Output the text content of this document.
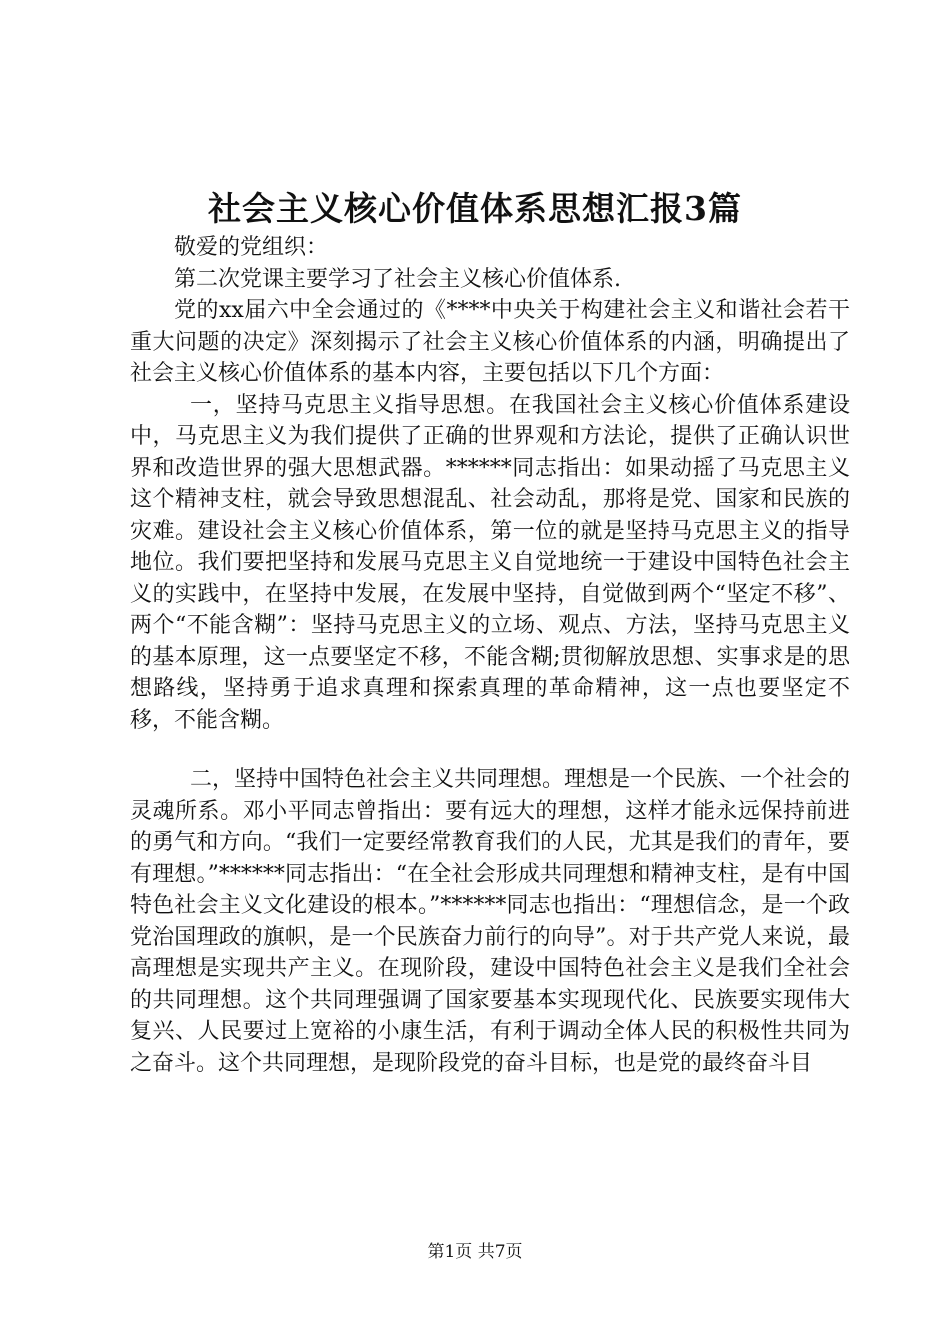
社会主义核心价值体系思想汇报3篇

敬爱的党组织：

第二次党课主要学习了社会主义核心价值体系.

党的xx届六中全会通过的《****中央关于构建社会主义和谐社会若干重大问题的决定》深刻揭示了社会主义核心价值体系的内涵，明确提出了社会主义核心价值体系的基本内容，主要包括以下几个方面：

一，坚持马克思主义指导思想。在我国社会主义核心价值体系建设中，马克思主义为我们提供了正确的世界观和方法论，提供了正确认识世界和改造世界的强大思想武器。******同志指出：如果动摇了马克思主义这个精神支柱，就会导致思想混乱、社会动乱，那将是党、国家和民族的灾难。建设社会主义核心价值体系，第一位的就是坚持马克思主义的指导地位。我们要把坚持和发展马克思主义自觉地统一于建设中国特色社会主义的实践中，在坚持中发展，在发展中坚持，自觉做到两个“坚定不移”、两个“不能含糊”：坚持马克思主义的立场、观点、方法，坚持马克思主义的基本原理，这一点要坚定不移，不能含糊;贯彻解放思想、实事求是的思想路线，坚持勇于追求真理和探索真理的革命精神，这一点也要坚定不移，不能含糊。

二，坚持中国特色社会主义共同理想。理想是一个民族、一个社会的灵魂所系。邓小平同志曾指出：要有远大的理想，这样才能永远保持前进的勇气和方向。“我们一定要经常教育我们的人民，尤其是我们的青年，要有理想。”******同志指出：“在全社会形成共同理想和精神支柱，是有中国特色社会主义文化建设的根本。”******同志也指出：“理想信念，是一个政党治国理政的旗帜，是一个民族奋力前行的向导”。对于共产党人来说，最高理想是实现共产主义。在现阶段，建设中国特色社会主义是我们全社会的共同理想。这个共同理强调了国家要基本实现现代化、民族要实现伟大复兴、人民要过上宽裕的小康生活，有利于调动全体人民的积极性共同为之奋斗。这个共同理想，是现阶段党的奋斗目标，也是党的最终奋斗目

第1页 共7页
